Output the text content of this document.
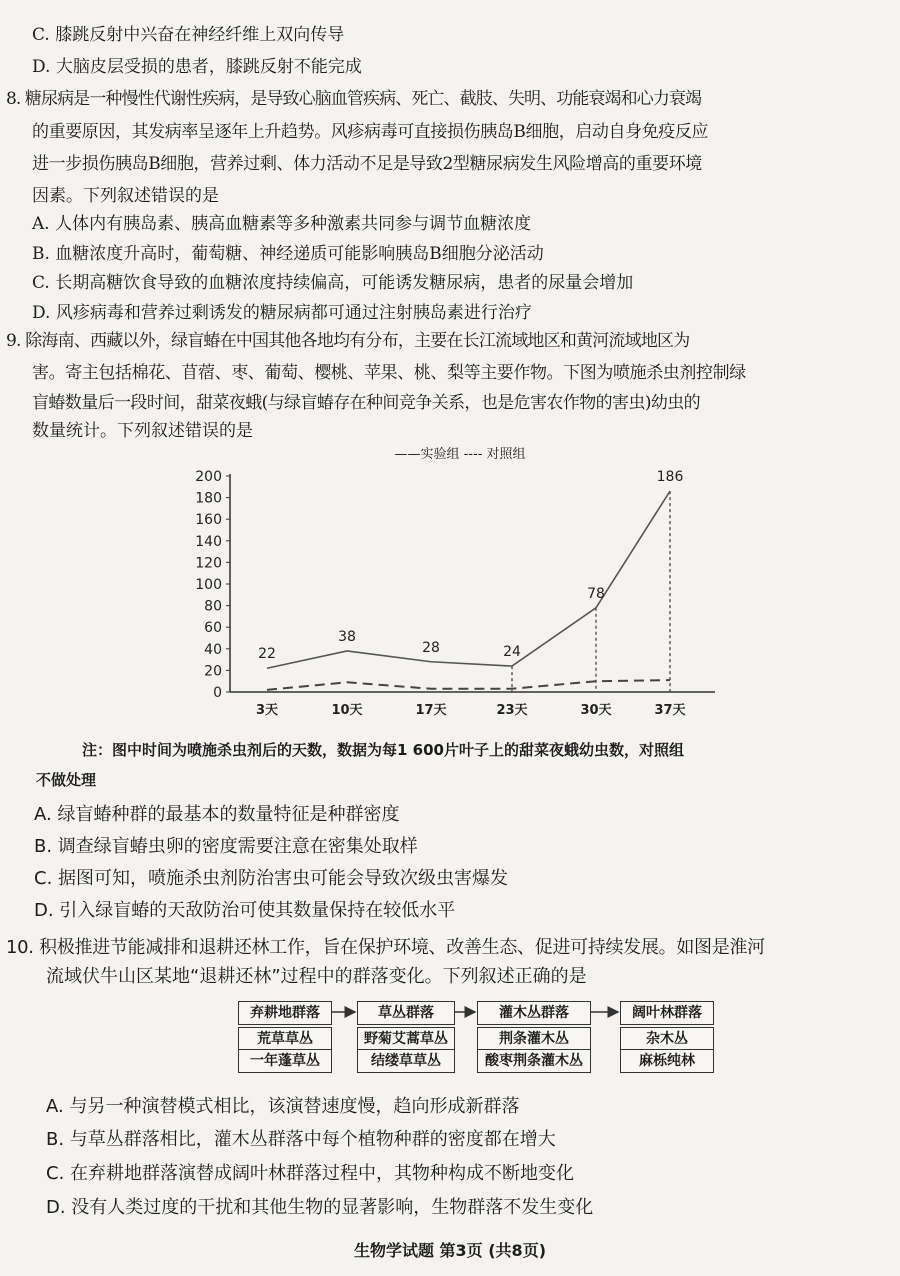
C. 膝跳反射中兴奋在神经纤维上双向传导
D. 大脑皮层受损的患者，膝跳反射不能完成
8. 糖尿病是一种慢性代谢性疾病，是导致心脑血管疾病、死亡、截肢、失明、功能衰竭和心力衰竭
的重要原因，其发病率呈逐年上升趋势。风疹病毒可直接损伤胰岛B细胞，启动自身免疫反应
进一步损伤胰岛B细胞，营养过剩、体力活动不足是导致2型糖尿病发生风险增高的重要环境
因素。下列叙述错误的是
A. 人体内有胰岛素、胰高血糖素等多种激素共同参与调节血糖浓度
B. 血糖浓度升高时，葡萄糖、神经递质可能影响胰岛B细胞分泌活动
C. 长期高糖饮食导致的血糖浓度持续偏高，可能诱发糖尿病，患者的尿量会增加
D. 风疹病毒和营养过剩诱发的糖尿病都可通过注射胰岛素进行治疗
9. 除海南、西藏以外，绿盲蝽在中国其他各地均有分布，主要在长江流域地区和黄河流域地区为
害。寄主包括棉花、苜蓿、枣、葡萄、樱桃、苹果、桃、梨等主要作物。下图为喷施杀虫剂控制绿
盲蝽数量后一段时间，甜菜夜蛾(与绿盲蝽存在种间竞争关系，也是危害农作物的害虫)幼虫的
数量统计。下列叙述错误的是
——实验组 ---- 对照组
0
20
40
60
80
100
120
140
160
180
200
3天	10天	17天	23天	30天	37天
22
38
28	24
78
186
注：图中时间为喷施杀虫剂后的天数，数据为每1 600片叶子上的甜菜夜蛾幼虫数，对照组
不做处理
A. 绿盲蝽种群的最基本的数量特征是种群密度
B. 调查绿盲蝽虫卵的密度需要注意在密集处取样
C. 据图可知，喷施杀虫剂防治害虫可能会导致次级虫害爆发
D. 引入绿盲蝽的天敌防治可使其数量保持在较低水平
10. 积极推进节能减排和退耕还林工作，旨在保护环境、改善生态、促进可持续发展。如图是淮河
流域伏牛山区某地“退耕还林”过程中的群落变化。下列叙述正确的是
弃耕地群落
荒草草丛
一年蓬草丛
草丛群落
野菊艾蒿草丛
结缕草草丛
灌木丛群落
荆条灌木丛
酸枣荆条灌木丛
阔叶林群落
杂木丛
麻栎纯林
A. 与另一种演替模式相比，该演替速度慢，趋向形成新群落
B. 与草丛群落相比，灌木丛群落中每个植物种群的密度都在增大
C. 在弃耕地群落演替成阔叶林群落过程中，其物种构成不断地变化
D. 没有人类过度的干扰和其他生物的显著影响，生物群落不发生变化
生物学试题 第3页 (共8页)
